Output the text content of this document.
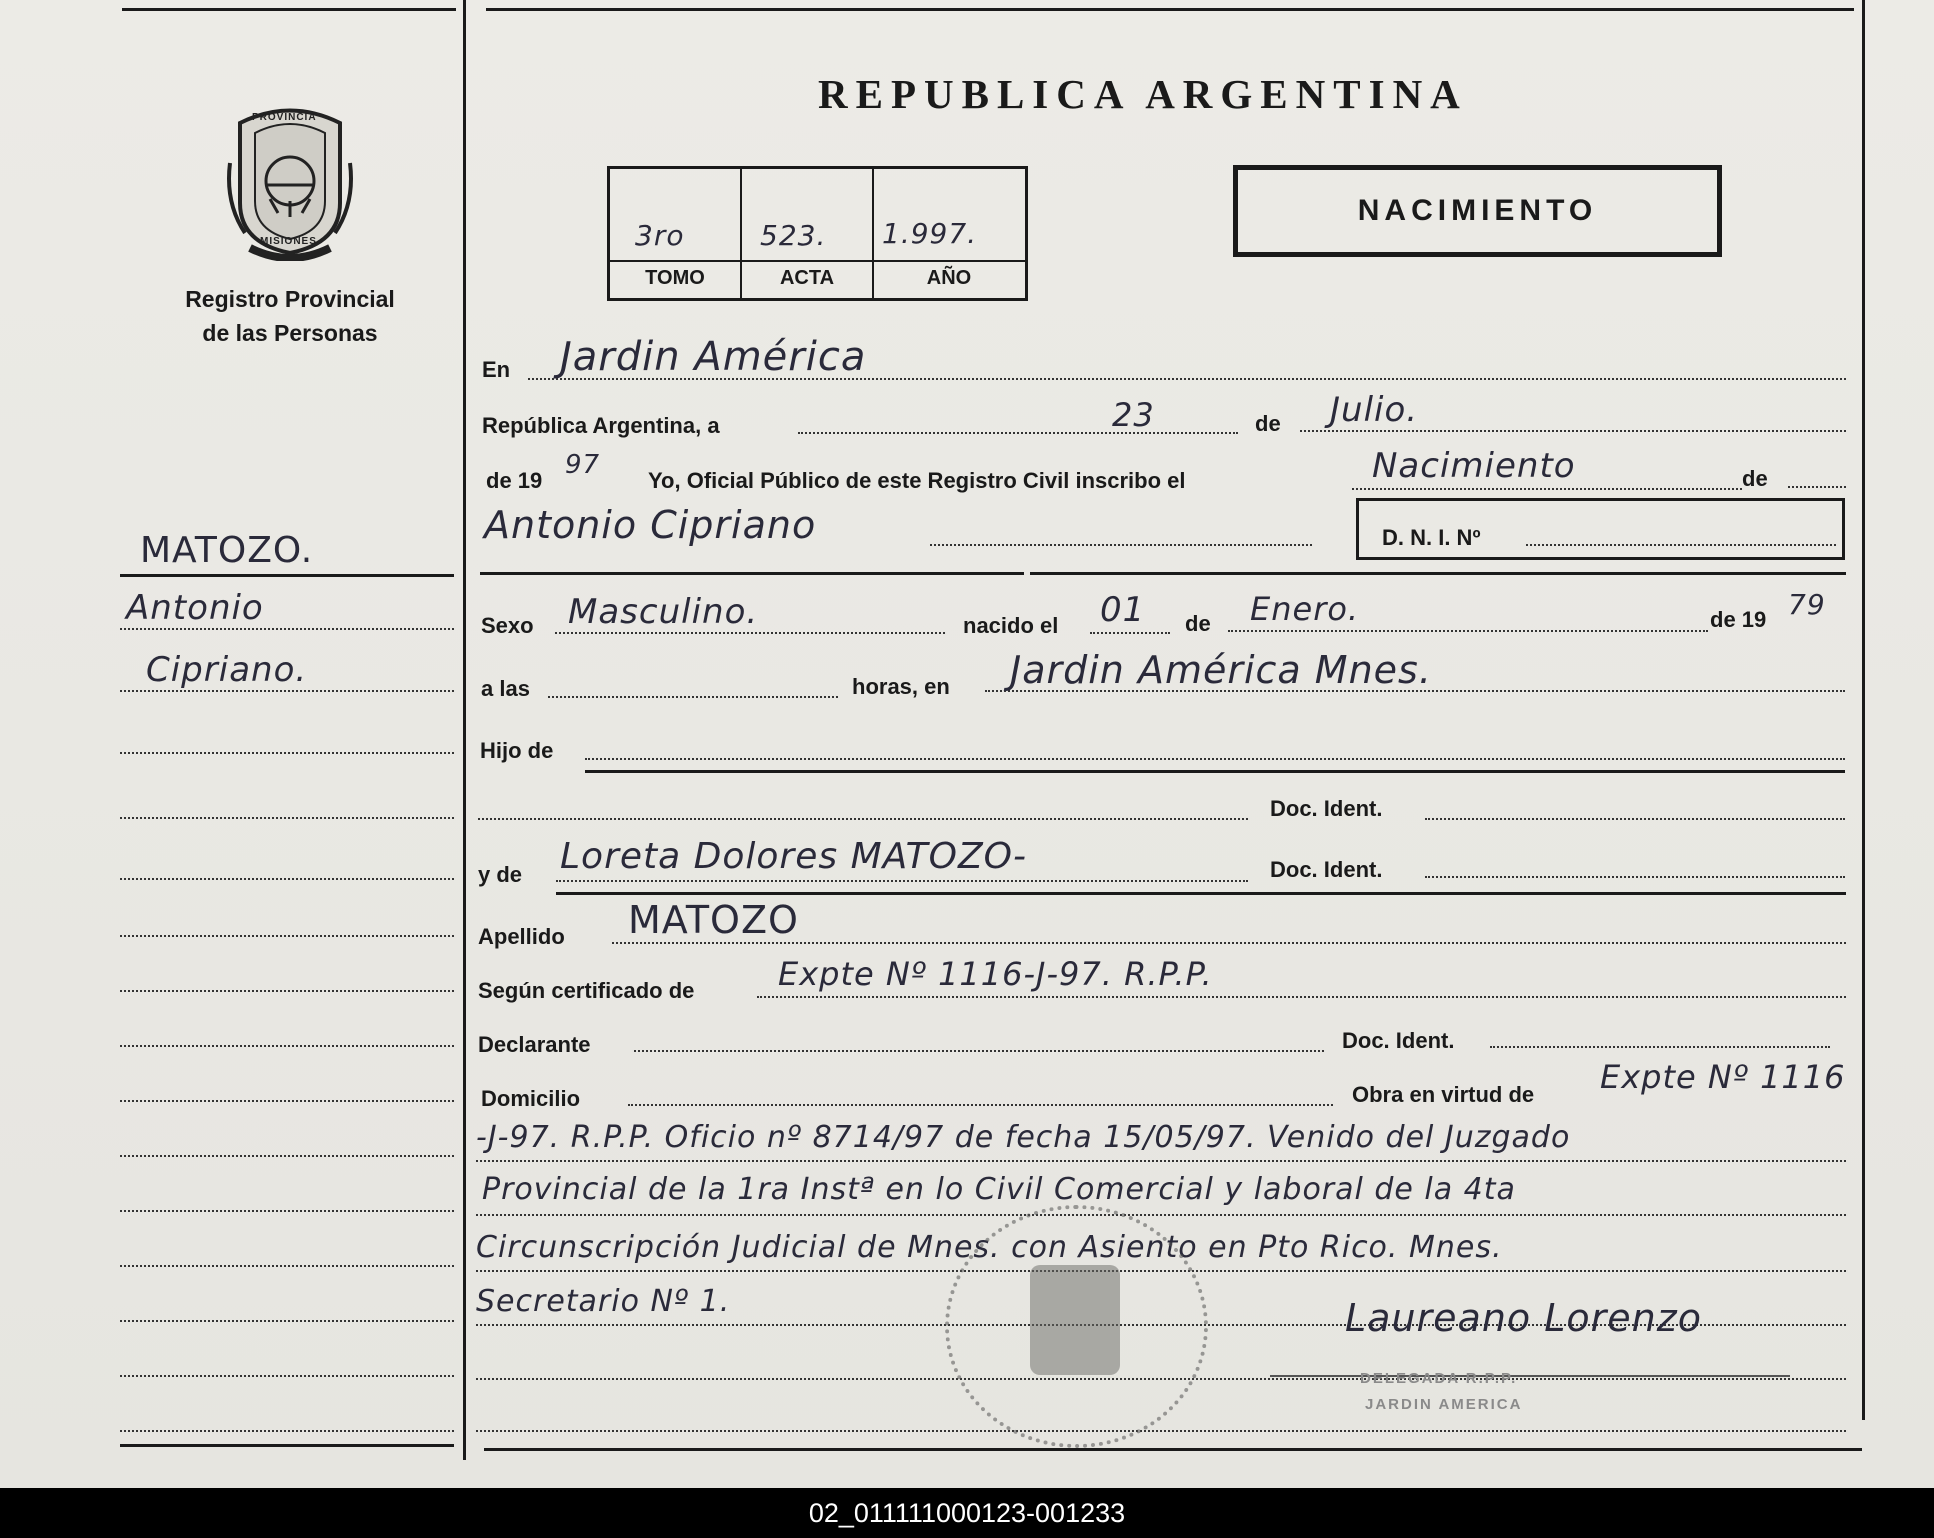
PROVINCIA
MISIONES
Registro Provincial
de las Personas
REPUBLICA ARGENTINA
3ro	523. 1.997.
TOMO	ACTA	AÑO
NACIMIENTO
MATOZO.
Antonio
Cipriano.
En Jardin América
República Argentina, a	23	de Julio.
de 19
97
Yo, Oficial Público de este Registro Civil inscribo el	Nacimiento	de
Antonio Cipriano	D. N. I. Nº
Sexo Masculino.	nacido el 01 de Enero.	de 19 79
a las	horas, en Jardin América Mnes.
Hijo de
Doc. Ident.
y de Loreta Dolores MATOZO-	Doc. Ident.
Apellido MATOZO
Según certificado de	Expte Nº 1116-J-97. R.P.P.
Declarante	Doc. Ident.
Domicilio	Obra en virtud de Expte Nº 1116
-J-97. R.P.P. Oficio nº 8714/97 de fecha 15/05/97. Venido del Juzgado
Provincial de la 1ra Instª en lo Civil Comercial y laboral de la 4ta
Circunscripción Judicial de Mnes. con Asiento en Pto Rico. Mnes.
Secretario Nº 1.	Laureano Lorenzo
DELEGADA R.P.P.
JARDIN AMERICA
02_011111000123-001233
